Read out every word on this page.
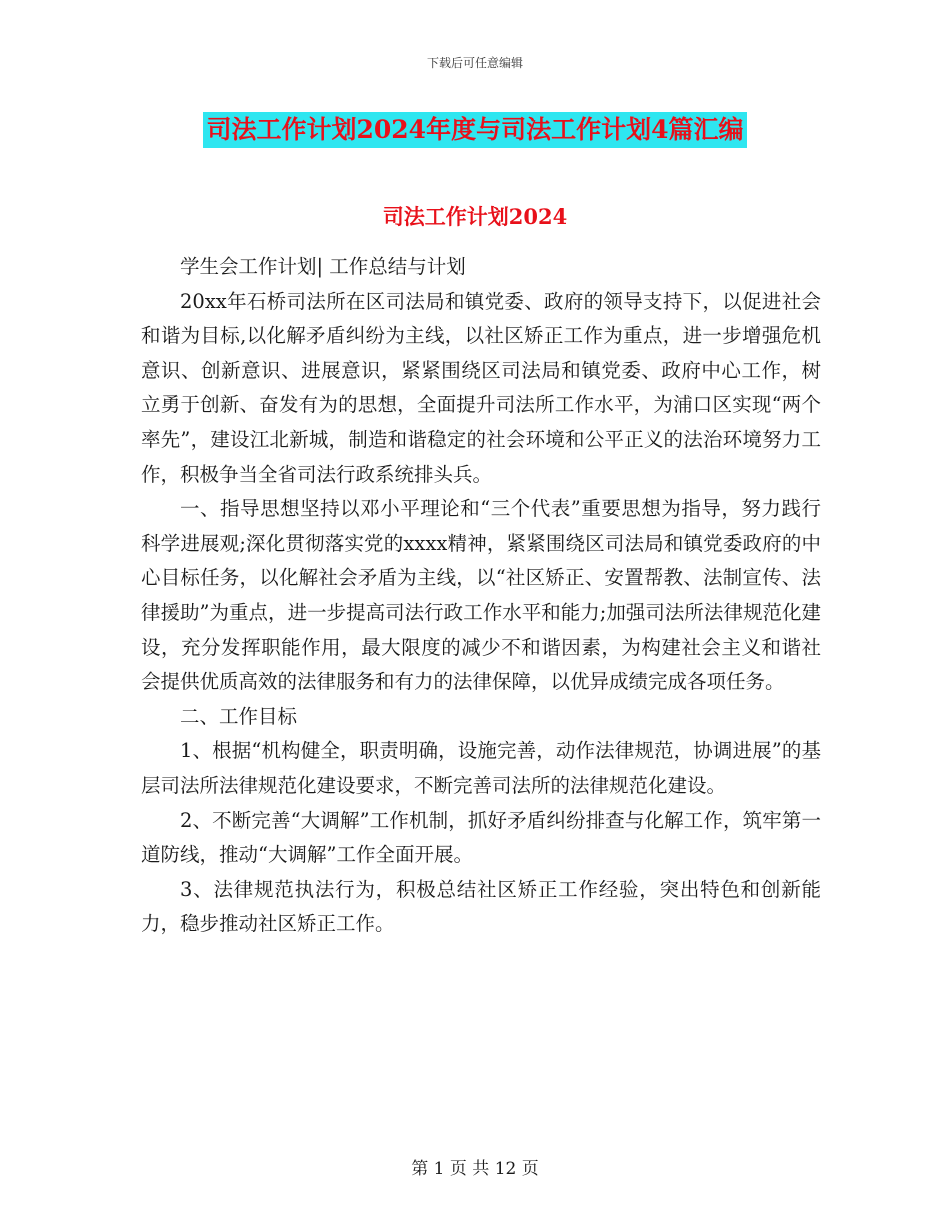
下载后可任意编辑
司法工作计划2024年度与司法工作计划4篇汇编
司法工作计划2024

学生会工作计划| 工作总结与计划

20xx年石桥司法所在区司法局和镇党委、政府的领导支持下，以促进社会和谐为目标,以化解矛盾纠纷为主线，以社区矫正工作为重点，进一步增强危机意识、创新意识、进展意识，紧紧围绕区司法局和镇党委、政府中心工作，树立勇于创新、奋发有为的思想，全面提升司法所工作水平，为浦口区实现“两个率先”，建设江北新城，制造和谐稳定的社会环境和公平正义的法治环境努力工作，积极争当全省司法行政系统排头兵。

一、指导思想坚持以邓小平理论和“三个代表”重要思想为指导，努力践行科学进展观;深化贯彻落实党的xxxx精神，紧紧围绕区司法局和镇党委政府的中心目标任务，以化解社会矛盾为主线，以“社区矫正、安置帮教、法制宣传、法律援助”为重点，进一步提高司法行政工作水平和能力;加强司法所法律规范化建设，充分发挥职能作用，最大限度的减少不和谐因素，为构建社会主义和谐社会提供优质高效的法律服务和有力的法律保障，以优异成绩完成各项任务。

二、工作目标

1、根据“机构健全，职责明确，设施完善，动作法律规范，协调进展”的基层司法所法律规范化建设要求，不断完善司法所的法律规范化建设。

2、不断完善“大调解”工作机制，抓好矛盾纠纷排查与化解工作，筑牢第一道防线，推动“大调解”工作全面开展。

3、法律规范执法行为，积极总结社区矫正工作经验，突出特色和创新能力，稳步推动社区矫正工作。

第 1 页 共 12 页
